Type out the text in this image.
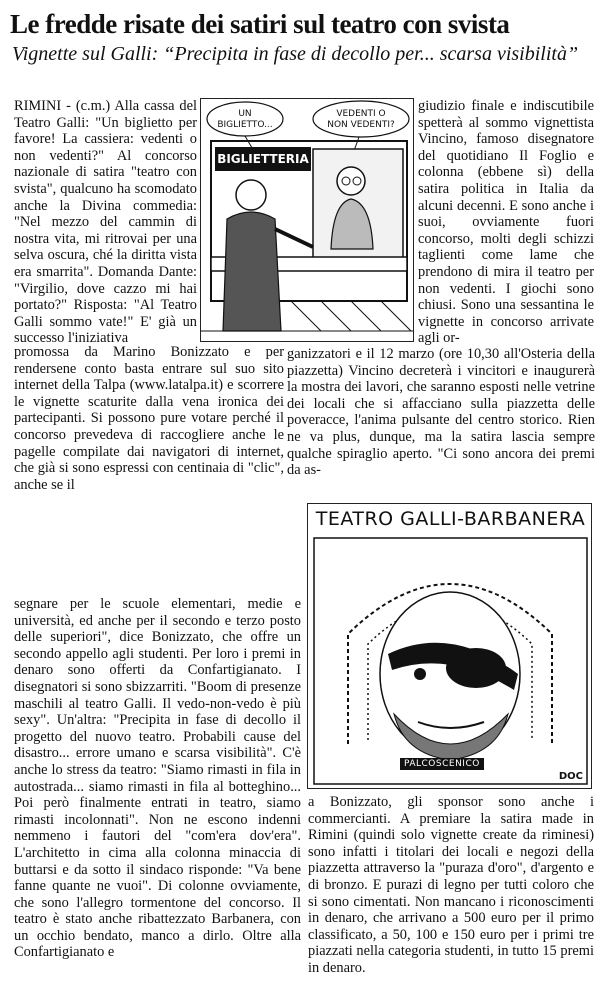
Le fredde risate dei satiri sul teatro con svista
Vignette sul Galli: “Precipita in fase di decollo per... scarsa visibilità”

RIMINI - (c.m.) Alla cassa del Teatro Galli: "Un biglietto per favore! La cassiera: vedenti o non vedenti?" Al concorso nazionale di satira "teatro con svista", qualcuno ha scomodato anche la Divina commedia: "Nel mezzo del cammin di nostra vita, mi ritrovai per una selva oscura, ché la diritta vista era smarrita". Domanda Dante: "Virgilio, dove cazzo mi hai portato?" Risposta: "Al Teatro Galli sommo vate!" E' già un successo l'iniziativa

UN
BIGLIETTO...
VEDENTI O
NON VEDENTI?
BIGLIETTERIA

giudizio finale e indiscutibile spetterà al sommo vignettista Vincino, famoso disegnatore del quotidiano Il Foglio e colonna (ebbene sì) della satira politica in Italia da alcuni decenni. E sono anche i suoi, ovviamente fuori concorso, molti degli schizzi taglienti come lame che prendono di mira il teatro per non vedenti. I giochi sono chiusi. Sono una sessantina le vignette in concorso arrivate agli or-

promossa da Marino Bonizzato e per rendersene conto basta entrare sul suo sito internet della Talpa (www.latalpa.it) e scorrere le vignette scaturite dalla vena ironica dei partecipanti. Si possono pure votare perché il concorso prevedeva di raccogliere anche le pagelle compilate dai navigatori di internet, che già si sono espressi con centinaia di "clic", anche se il

ganizzatori e il 12 marzo (ore 10,30 all'Osteria della piazzetta) Vincino decreterà i vincitori e inaugurerà la mostra dei lavori, che saranno esposti nelle vetrine dei locali che si affacciano sulla piazzetta delle poveracce, l'anima pulsante del centro storico. Rien ne va plus, dunque, ma la satira lascia sempre qualche spiraglio aperto. "Ci sono ancora dei premi da as-

TEATRO GALLI-BARBANERA
PALCOSCENICO
DOC

segnare per le scuole elementari, medie e università, ed anche per il secondo e terzo posto delle superiori", dice Bonizzato, che offre un secondo appello agli studenti. Per loro i premi in denaro sono offerti da Confartigianato. I disegnatori si sono sbizzarriti. "Boom di presenze maschili al teatro Galli. Il vedo-non-vedo è più sexy". Un'altra: "Precipita in fase di decollo il progetto del nuovo teatro. Probabili cause del disastro... errore umano e scarsa visibilità". C'è anche lo stress da teatro: "Siamo rimasti in fila in autostrada... siamo rimasti in fila al botteghino... Poi però finalmente entrati in teatro, siamo rimasti incolonnati". Non ne escono indenni nemmeno i fautori del "com'era dov'era". L'architetto in cima alla colonna minaccia di buttarsi e da sotto il sindaco risponde: "Va bene fanne quante ne vuoi". Di colonne ovviamente, che sono l'allegro tormentone del concorso. Il teatro è stato anche ribattezzato Barbanera, con un occhio bendato, manco a dirlo. Oltre alla Confartigianato e

a Bonizzato, gli sponsor sono anche i commercianti. A premiare la satira made in Rimini (quindi solo vignette create da riminesi) sono infatti i titolari dei locali e negozi della piazzetta attraverso la "puraza d'oro", d'argento e di bronzo. E purazi di legno per tutti coloro che si sono cimentati. Non mancano i riconoscimenti in denaro, che arrivano a 500 euro per il primo classificato, a 50, 100 e 150 euro per i primi tre piazzati nella categoria studenti, in tutto 15 premi in denaro.
